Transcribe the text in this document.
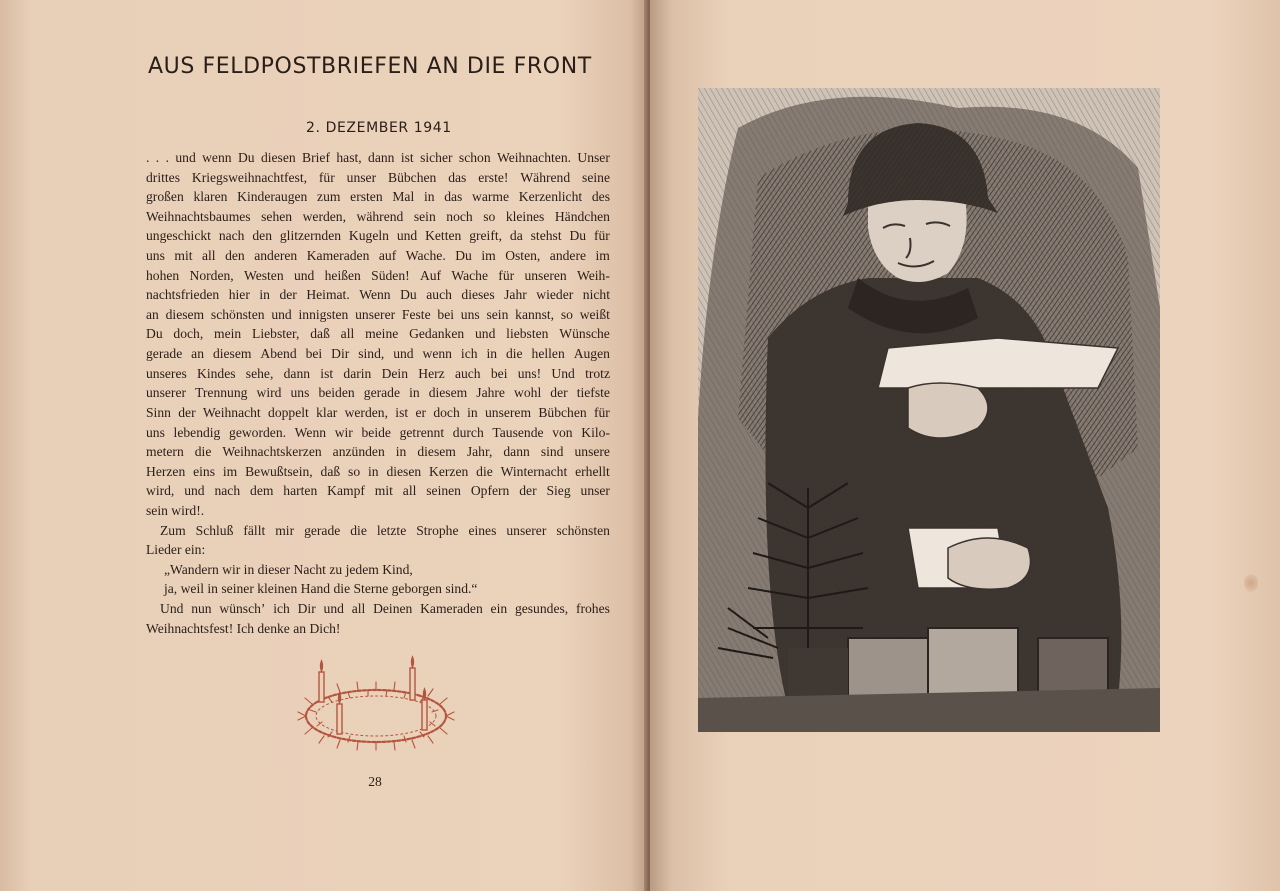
AUS FELDPOSTBRIEFEN AN DIE FRONT
2. DEZEMBER 1941
. . . und wenn Du diesen Brief hast, dann ist sicher schon Weihnachten. Unser
drittes Kriegsweihnachtfest, für unser Bübchen das erste! Während seine
großen klaren Kinderaugen zum ersten Mal in das warme Kerzenlicht des
Weihnachtsbaumes sehen werden, während sein noch so kleines Händchen
ungeschickt nach den glitzernden Kugeln und Ketten greift, da stehst Du für
uns mit all den anderen Kameraden auf Wache. Du im Osten, andere im
hohen Norden, Westen und heißen Süden! Auf Wache für unseren Weih-
nachtsfrieden hier in der Heimat. Wenn Du auch dieses Jahr wieder nicht
an diesem schönsten und innigsten unserer Feste bei uns sein kannst, so weißt
Du doch, mein Liebster, daß all meine Gedanken und liebsten Wünsche
gerade an diesem Abend bei Dir sind, und wenn ich in die hellen Augen
unseres Kindes sehe, dann ist darin Dein Herz auch bei uns! Und trotz
unserer Trennung wird uns beiden gerade in diesem Jahre wohl der tiefste
Sinn der Weihnacht doppelt klar werden, ist er doch in unserem Bübchen für
uns lebendig geworden. Wenn wir beide getrennt durch Tausende von Kilo-
metern die Weihnachtskerzen anzünden in diesem Jahr, dann sind unsere
Herzen eins im Bewußtsein, daß so in diesen Kerzen die Winternacht erhellt
wird, und nach dem harten Kampf mit all seinen Opfern der Sieg unser
sein wird!.
Zum Schluß fällt mir gerade die letzte Strophe eines unserer schönsten
Lieder ein:
„Wandern wir in dieser Nacht zu jedem Kind,
ja, weil in seiner kleinen Hand die Sterne geborgen sind.“
Und nun wünsch’ ich Dir und all Deinen Kameraden ein gesundes, frohes
Weihnachtsfest! Ich denke an Dich!
28
